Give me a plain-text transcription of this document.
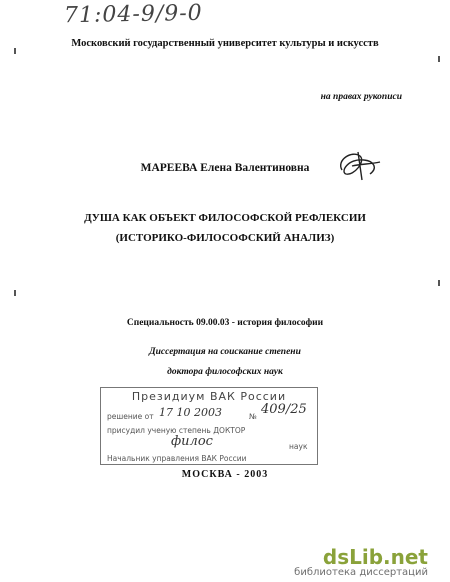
71:04-9/9-0
Московский государственный университет культуры и искусств
на правах рукописи
МАРЕЕВА Елена Валентиновна
ДУША КАК ОБЪЕКТ ФИЛОСОФСКОЙ РЕФЛЕКСИИ
(ИСТОРИКО-ФИЛОСОФСКИЙ АНАЛИЗ)
Специальность 09.00.03 - история философии
Диссертация на соискание степени
доктора философских наук
Президиум ВАК России
решение от 17 10 2003	№ 409/25
присудил ученую степень ДОКТОР
филос	наук
Начальник управления ВАК России
МОСКВА - 2003
dsLib.net
библиотека диссертаций
